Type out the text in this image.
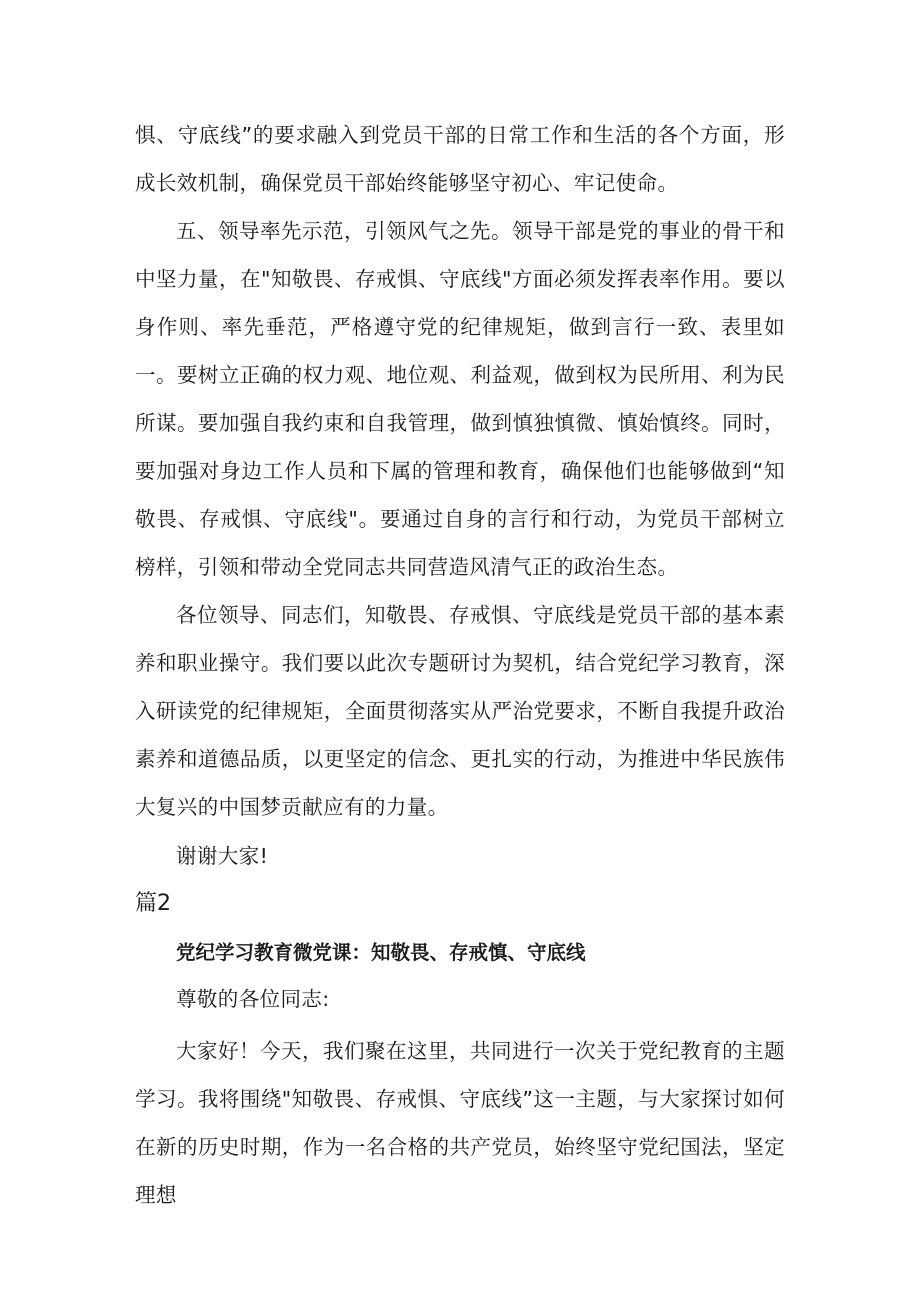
惧、守底线”的要求融入到党员干部的日常工作和生活的各个方面，形成长效机制，确保党员干部始终能够坚守初心、牢记使命。

五、领导率先示范，引领风气之先。领导干部是党的事业的骨干和中坚力量，在"知敬畏、存戒惧、守底线"方面必须发挥表率作用。要以身作则、率先垂范，严格遵守党的纪律规矩，做到言行一致、表里如一。要树立正确的权力观、地位观、利益观，做到权为民所用、利为民所谋。要加强自我约束和自我管理，做到慎独慎微、慎始慎终。同时，要加强对身边工作人员和下属的管理和教育，确保他们也能够做到“知敬畏、存戒惧、守底线"。要通过自身的言行和行动，为党员干部树立榜样，引领和带动全党同志共同营造风清气正的政治生态。

各位领导、同志们，知敬畏、存戒惧、守底线是党员干部的基本素养和职业操守。我们要以此次专题研讨为契机，结合党纪学习教育，深入研读党的纪律规矩，全面贯彻落实从严治党要求，不断自我提升政治素养和道德品质，以更坚定的信念、更扎实的行动，为推进中华民族伟大复兴的中国梦贡献应有的力量。

谢谢大家!

篇2

党纪学习教育微党课：知敬畏、存戒慎、守底线

尊敬的各位同志:

大家好！今天，我们聚在这里，共同进行一次关于党纪教育的主题学习。我将围绕"知敬畏、存戒惧、守底线”这一主题，与大家探讨如何在新的历史时期，作为一名合格的共产党员，始终坚守党纪国法，坚定理想
